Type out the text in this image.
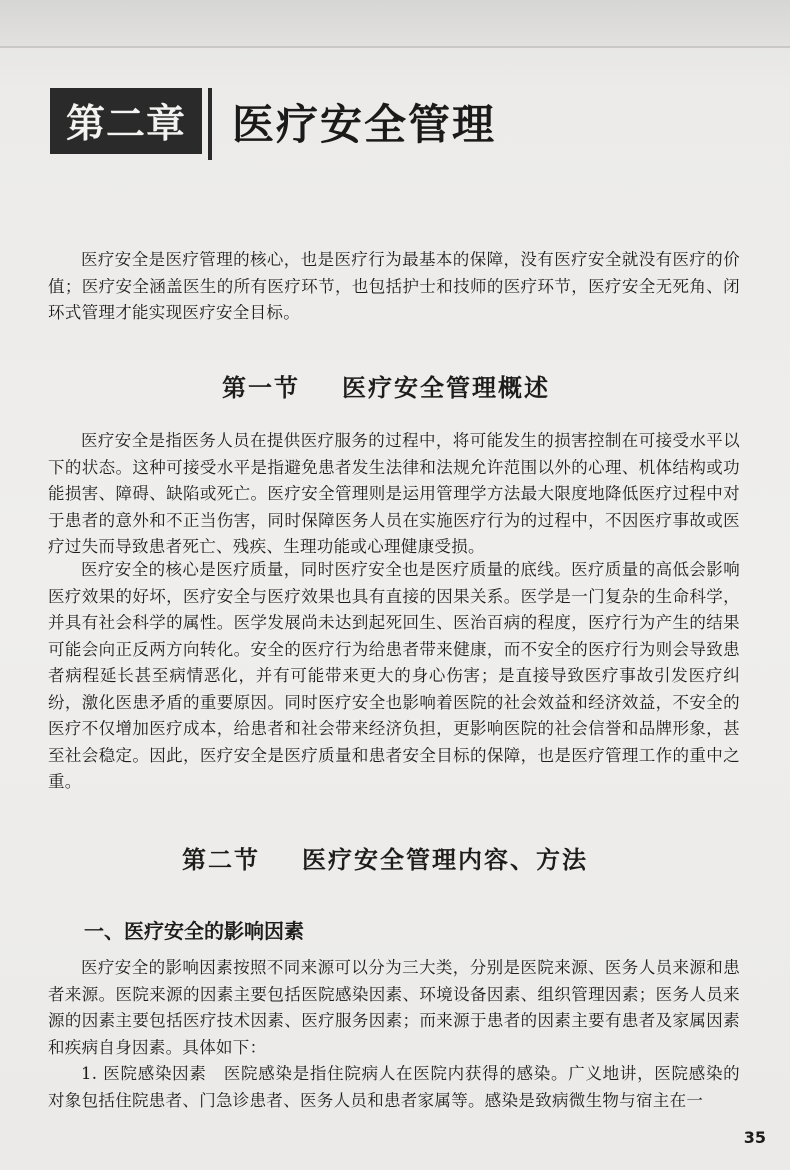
第二章	医疗安全管理

医疗安全是医疗管理的核心，也是医疗行为最基本的保障，没有医疗安全就没有医疗的价值；医疗安全涵盖医生的所有医疗环节，也包括护士和技师的医疗环节，医疗安全无死角、闭环式管理才能实现医疗安全目标。

第一节 医疗安全管理概述

医疗安全是指医务人员在提供医疗服务的过程中，将可能发生的损害控制在可接受水平以下的状态。这种可接受水平是指避免患者发生法律和法规允许范围以外的心理、机体结构或功能损害、障碍、缺陷或死亡。医疗安全管理则是运用管理学方法最大限度地降低医疗过程中对于患者的意外和不正当伤害，同时保障医务人员在实施医疗行为的过程中，不因医疗事故或医疗过失而导致患者死亡、残疾、生理功能或心理健康受损。

医疗安全的核心是医疗质量，同时医疗安全也是医疗质量的底线。医疗质量的高低会影响医疗效果的好坏，医疗安全与医疗效果也具有直接的因果关系。医学是一门复杂的生命科学，并具有社会科学的属性。医学发展尚未达到起死回生、医治百病的程度，医疗行为产生的结果可能会向正反两方向转化。安全的医疗行为给患者带来健康，而不安全的医疗行为则会导致患者病程延长甚至病情恶化，并有可能带来更大的身心伤害；是直接导致医疗事故引发医疗纠纷，激化医患矛盾的重要原因。同时医疗安全也影响着医院的社会效益和经济效益，不安全的医疗不仅增加医疗成本，给患者和社会带来经济负担，更影响医院的社会信誉和品牌形象，甚至社会稳定。因此，医疗安全是医疗质量和患者安全目标的保障，也是医疗管理工作的重中之重。

第二节 医疗安全管理内容、方法
一、医疗安全的影响因素

医疗安全的影响因素按照不同来源可以分为三大类，分别是医院来源、医务人员来源和患者来源。医院来源的因素主要包括医院感染因素、环境设备因素、组织管理因素；医务人员来源的因素主要包括医疗技术因素、医疗服务因素；而来源于患者的因素主要有患者及家属因素和疾病自身因素。具体如下：

1. 医院感染因素　医院感染是指住院病人在医院内获得的感染。广义地讲，医院感染的对象包括住院患者、门急诊患者、医务人员和患者家属等。感染是致病微生物与宿主在一

35
